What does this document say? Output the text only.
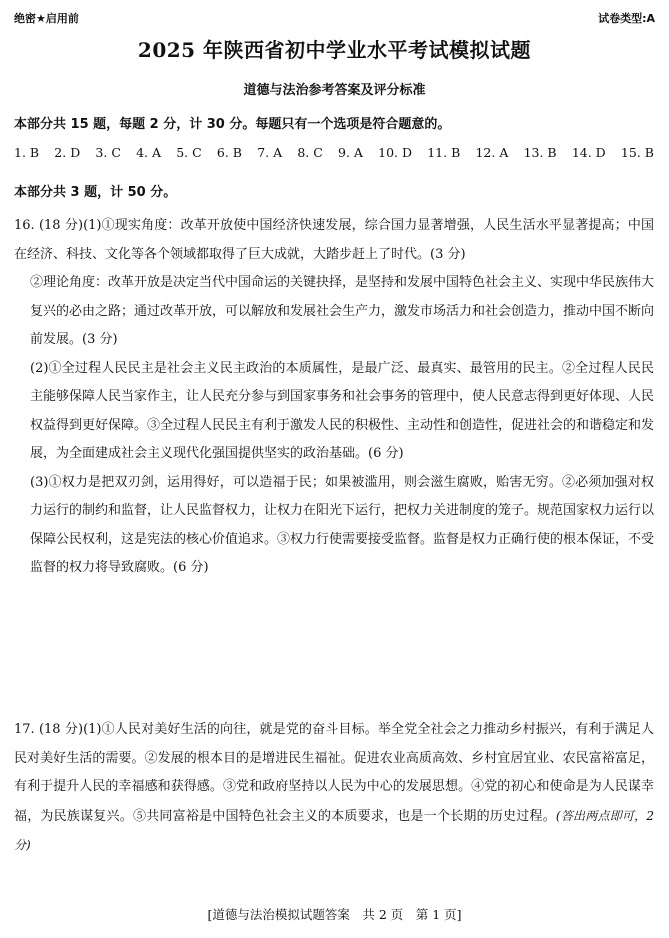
绝密★启用前	试卷类型:A
2025 年陕西省初中学业水平考试模拟试题
道德与法治参考答案及评分标准
本部分共 15 题，每题 2 分，计 30 分。每题只有一个选项是符合题意的。
1. B 2. D 3. C 4. A 5. C 6. B 7. A 8. C 9. A 10. D 11. B 12. A 13. B 14. D 15. B
本部分共 3 题，计 50 分。

16. (18 分)(1)①现实角度：改革开放使中国经济快速发展，综合国力显著增强，人民生活水平显著提高；中国在经济、科技、文化等各个领域都取得了巨大成就，大踏步赶上了时代。(3 分)

②理论角度：改革开放是决定当代中国命运的关键抉择，是坚持和发展中国特色社会主义、实现中华民族伟大复兴的必由之路；通过改革开放，可以解放和发展社会生产力，激发市场活力和社会创造力，推动中国不断向前发展。(3 分)

(2)①全过程人民民主是社会主义民主政治的本质属性，是最广泛、最真实、最管用的民主。②全过程人民民主能够保障人民当家作主，让人民充分参与到国家事务和社会事务的管理中，使人民意志得到更好体现、人民权益得到更好保障。③全过程人民民主有利于激发人民的积极性、主动性和创造性，促进社会的和谐稳定和发展，为全面建成社会主义现代化强国提供坚实的政治基础。(6 分)

(3)①权力是把双刃剑，运用得好，可以造福于民；如果被滥用，则会滋生腐败，贻害无穷。②必须加强对权力运行的制约和监督，让人民监督权力，让权力在阳光下运行，把权力关进制度的笼子。规范国家权力运行以保障公民权利，这是宪法的核心价值追求。③权力行使需要接受监督。监督是权力正确行使的根本保证，不受监督的权力将导致腐败。(6 分)

17. (18 分)(1)①人民对美好生活的向往，就是党的奋斗目标。举全党全社会之力推动乡村振兴，有利于满足人民对美好生活的需要。②发展的根本目的是增进民生福祉。促进农业高质高效、乡村宜居宜业、农民富裕富足，有利于提升人民的幸福感和获得感。③党和政府坚持以人民为中心的发展思想。④党的初心和使命是为人民谋幸福，为民族谋复兴。⑤共同富裕是中国特色社会主义的本质要求，也是一个长期的历史过程。(答出两点即可，2 分)

[道德与法治模拟试题答案　共 2 页　第 1 页]
